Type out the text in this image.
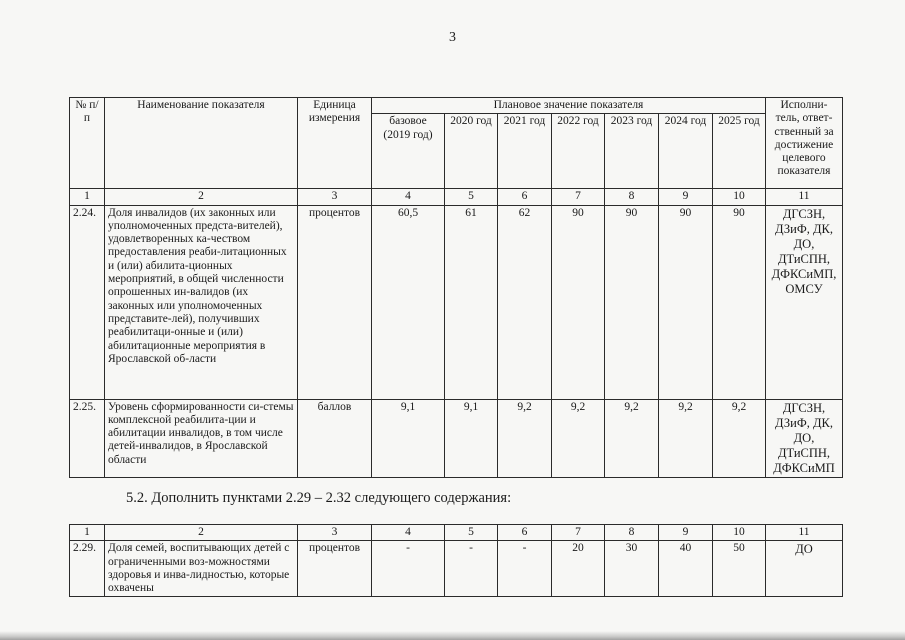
3
№ п/п	Наименование показателя	Единица измерения	Плановое значение показателя							Исполни-тель, ответ-ственный за достижение целевого показателя
			базовое (2019 год)	2020 год	2021 год	2022 год	2023 год	2024 год	2025 год	
1	2	3	4	5	6	7	8	9	10	11
2.24.	Доля инвалидов (их законных или уполномоченных предста-вителей), удовлетворенных ка-чеством предоставления реаби-литационных и (или) абилита-ционных мероприятий, в общей численности опрошенных ин-валидов (их законных или уполномоченных представите-лей), получивших реабилитаци-онные и (или) абилитационные мероприятия в Ярославской об-ласти	процентов	60,5	61	62	90	90	90	90	ДГСЗН, ДЗиФ, ДК, ДО, ДТиСПН, ДФКСиМП, ОМСУ
2.25.	Уровень сформированности си-стемы комплексной реабилита-ции и абилитации инвалидов, в том числе детей-инвалидов, в Ярославской области	баллов	9,1	9,1	9,2	9,2	9,2	9,2	9,2	ДГСЗН, ДЗиФ, ДК, ДО, ДТиСПН, ДФКСиМП
5.2. Дополнить пунктами 2.29 – 2.32 следующего содержания:
1	2	3	4	5	6	7	8	9	10	11
2.29.	Доля семей, воспитывающих детей с ограниченными воз-можностями здоровья и инва-лидностью, которые охвачены	процентов	-	-	-	20	30	40	50	ДО
